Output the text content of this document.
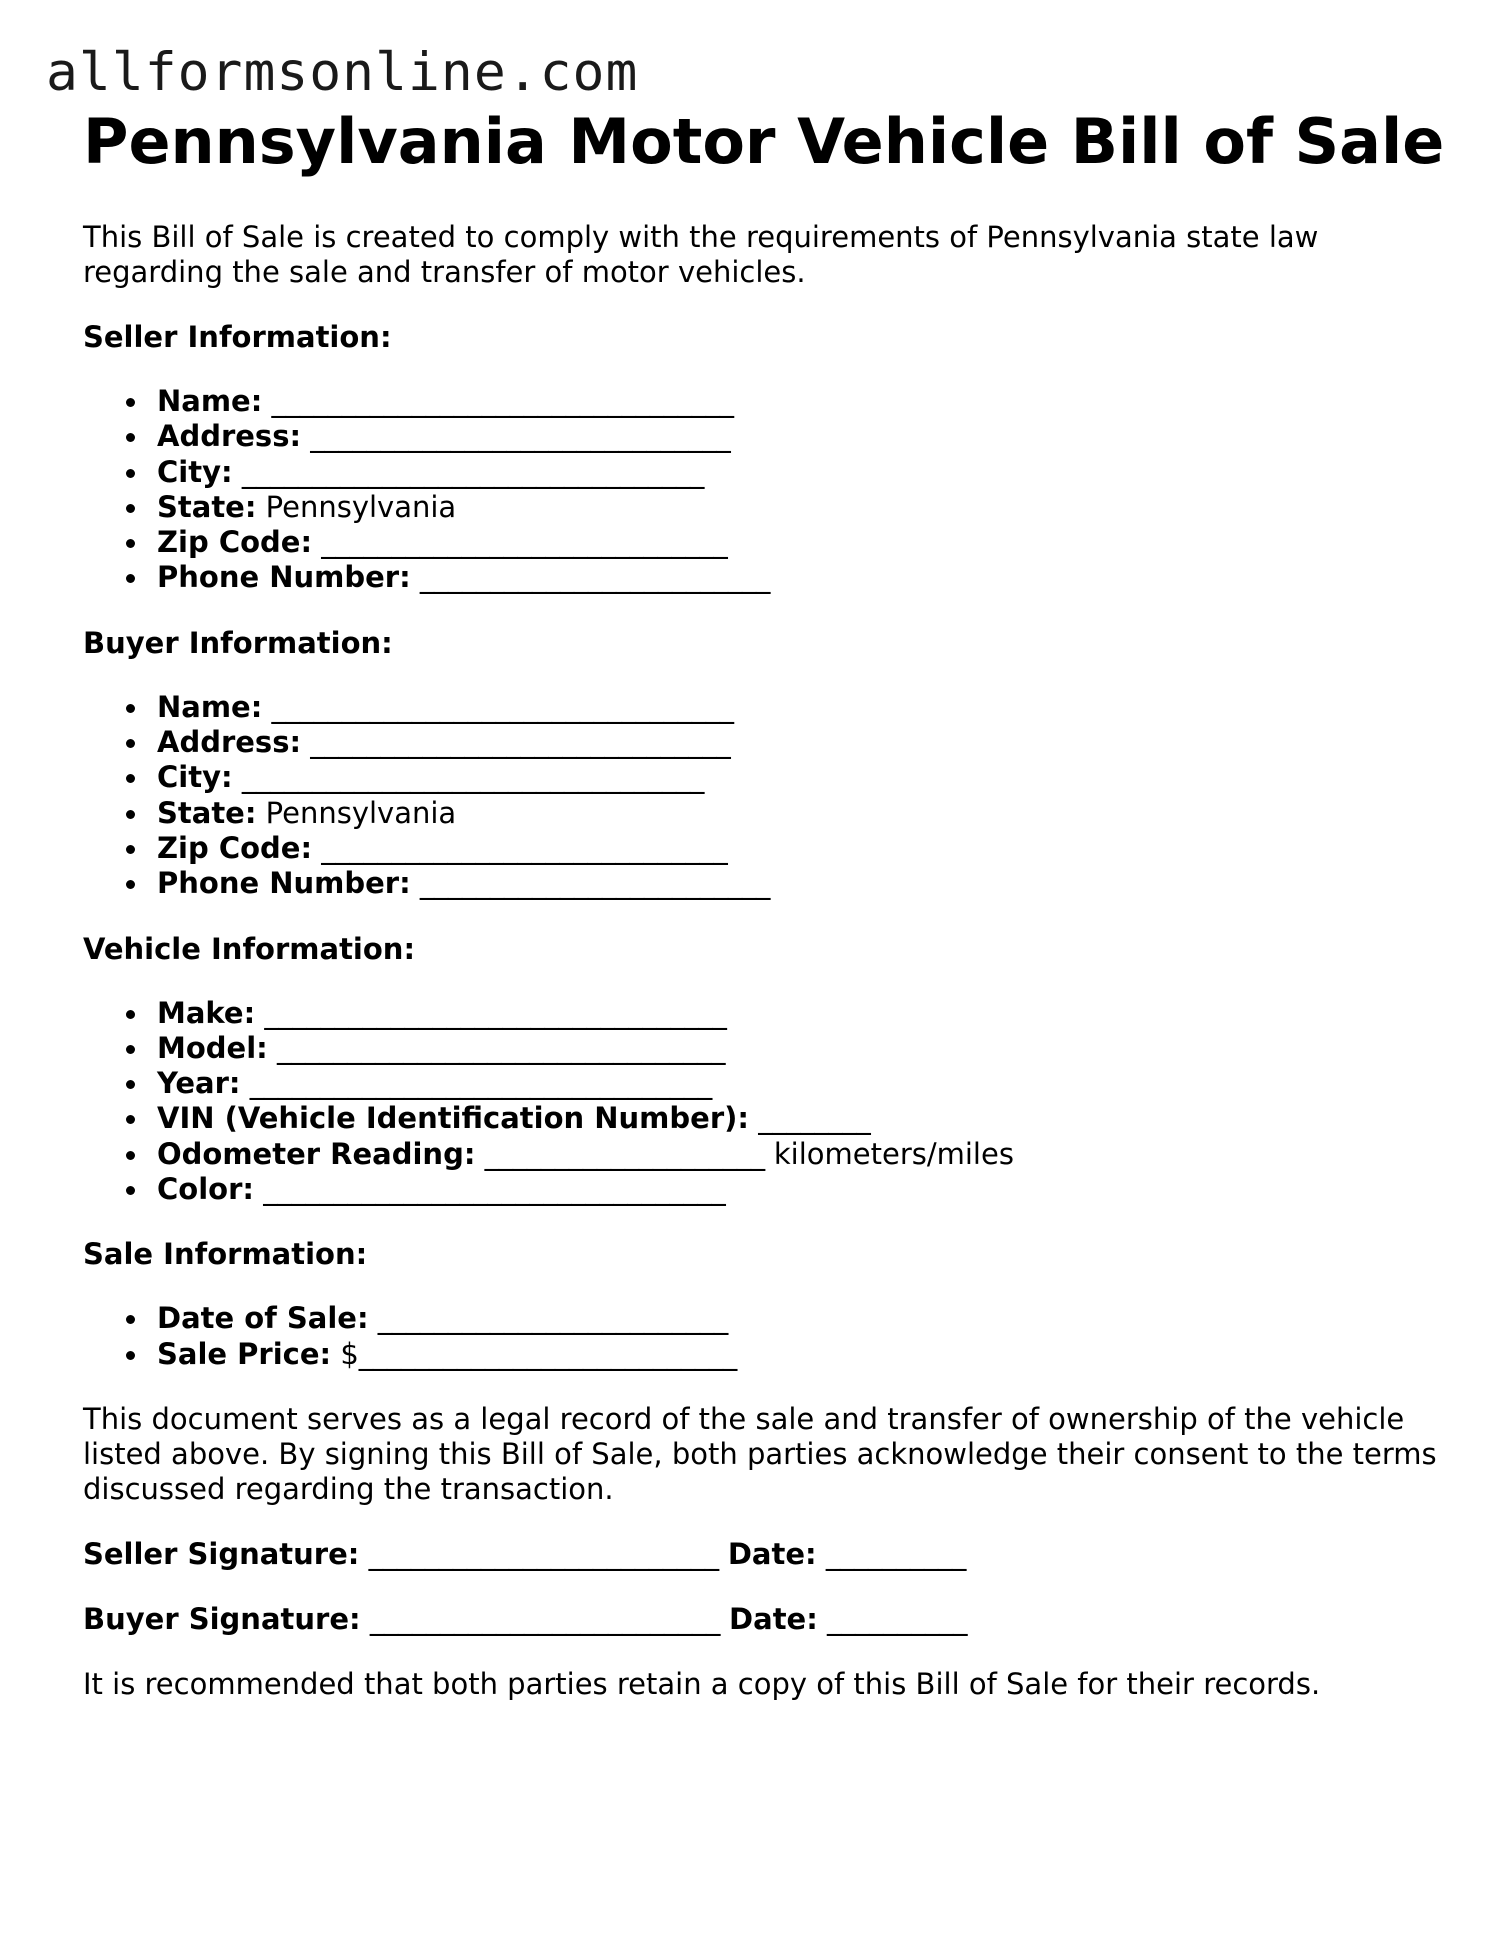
allformsonline.com
Pennsylvania Motor Vehicle Bill of Sale

This Bill of Sale is created to comply with the requirements of Pennsylvania state law regarding the sale and transfer of motor vehicles.

Seller Information:
Name: _________________________________
Address: ______________________________
City: _________________________________
State: Pennsylvania
Zip Code: _____________________________
Phone Number: _________________________
Buyer Information:
Name: _________________________________
Address: ______________________________
City: _________________________________
State: Pennsylvania
Zip Code: _____________________________
Phone Number: _________________________
Vehicle Information:
Make: _________________________________
Model: ________________________________
Year: _________________________________
VIN (Vehicle Identification Number): ________
Odometer Reading: ____________________ kilometers/miles
Color: _________________________________
Sale Information:
Date of Sale: _________________________
Sale Price: $___________________________

This document serves as a legal record of the sale and transfer of ownership of the vehicle listed above. By signing this Bill of Sale, both parties acknowledge their consent to the terms discussed regarding the transaction.

Seller Signature: _________________________ Date: __________
Buyer Signature: _________________________ Date: __________

It is recommended that both parties retain a copy of this Bill of Sale for their records.
